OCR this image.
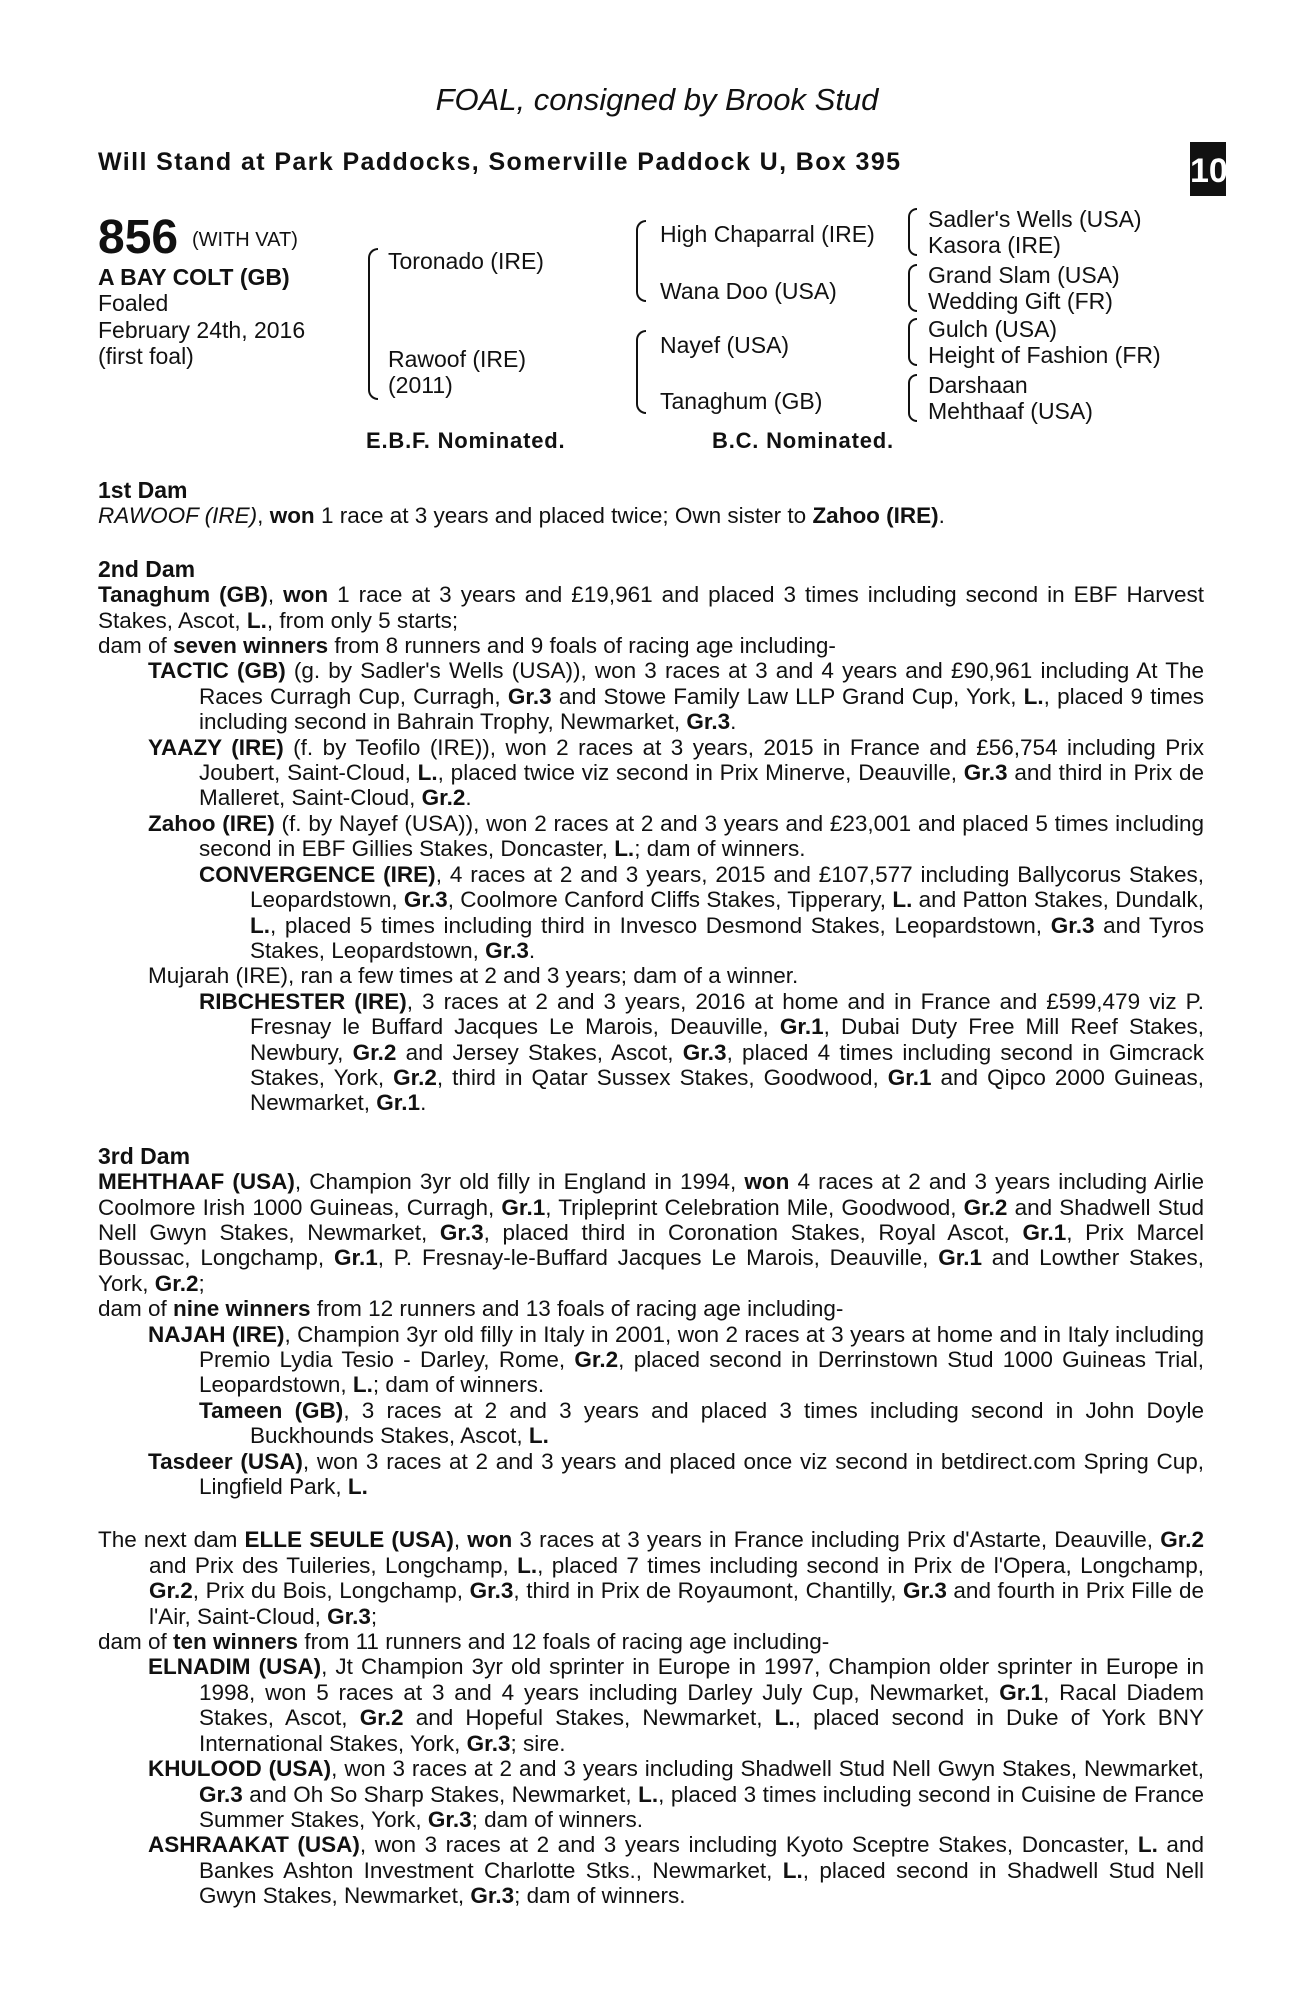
FOAL, consigned by Brook Stud
Will Stand at Park Paddocks, Somerville Paddock U, Box 395
+
10
856 (WITH VAT)
A BAY COLT (GB)
Foaled
February 24th, 2016
(first foal)
Toronado (IRE)
Rawoof (IRE)
(2011)
High Chaparral (IRE)
Wana Doo (USA)
Nayef (USA)
Tanaghum (GB)
Sadler's Wells (USA)
Kasora (IRE)
Grand Slam (USA)
Wedding Gift (FR)
Gulch (USA)
Height of Fashion (FR)
Darshaan
Mehthaaf (USA)
E.B.F. Nominated.	B.C. Nominated.
1st Dam

RAWOOF (IRE), won 1 race at 3 years and placed twice; Own sister to Zahoo (IRE).

2nd Dam

Tanaghum (GB), won 1 race at 3 years and £19,961 and placed 3 times including second in EBF Harvest Stakes, Ascot, L., from only 5 starts;

dam of seven winners from 8 runners and 9 foals of racing age including-

TACTIC (GB) (g. by Sadler's Wells (USA)), won 3 races at 3 and 4 years and £90,961 including At The Races Curragh Cup, Curragh, Gr.3 and Stowe Family Law LLP Grand Cup, York, L., placed 9 times including second in Bahrain Trophy, Newmarket, Gr.3.

YAAZY (IRE) (f. by Teofilo (IRE)), won 2 races at 3 years, 2015 in France and £56,754 including Prix Joubert, Saint-Cloud, L., placed twice viz second in Prix Minerve, Deauville, Gr.3 and third in Prix de Malleret, Saint-Cloud, Gr.2.

Zahoo (IRE) (f. by Nayef (USA)), won 2 races at 2 and 3 years and £23,001 and placed 5 times including second in EBF Gillies Stakes, Doncaster, L.; dam of winners.

CONVERGENCE (IRE), 4 races at 2 and 3 years, 2015 and £107,577 including Ballycorus Stakes, Leopardstown, Gr.3, Coolmore Canford Cliffs Stakes, Tipperary, L. and Patton Stakes, Dundalk, L., placed 5 times including third in Invesco Desmond Stakes, Leopardstown, Gr.3 and Tyros Stakes, Leopardstown, Gr.3.

Mujarah (IRE), ran a few times at 2 and 3 years; dam of a winner.

RIBCHESTER (IRE), 3 races at 2 and 3 years, 2016 at home and in France and £599,479 viz P. Fresnay le Buffard Jacques Le Marois, Deauville, Gr.1, Dubai Duty Free Mill Reef Stakes, Newbury, Gr.2 and Jersey Stakes, Ascot, Gr.3, placed 4 times including second in Gimcrack Stakes, York, Gr.2, third in Qatar Sussex Stakes, Goodwood, Gr.1 and Qipco 2000 Guineas, Newmarket, Gr.1.

3rd Dam

MEHTHAAF (USA), Champion 3yr old filly in England in 1994, won 4 races at 2 and 3 years including Airlie Coolmore Irish 1000 Guineas, Curragh, Gr.1, Tripleprint Celebration Mile, Goodwood, Gr.2 and Shadwell Stud Nell Gwyn Stakes, Newmarket, Gr.3, placed third in Coronation Stakes, Royal Ascot, Gr.1, Prix Marcel Boussac, Longchamp, Gr.1, P. Fresnay-le-Buffard Jacques Le Marois, Deauville, Gr.1 and Lowther Stakes, York, Gr.2;

dam of nine winners from 12 runners and 13 foals of racing age including-

NAJAH (IRE), Champion 3yr old filly in Italy in 2001, won 2 races at 3 years at home and in Italy including Premio Lydia Tesio - Darley, Rome, Gr.2, placed second in Derrinstown Stud 1000 Guineas Trial, Leopardstown, L.; dam of winners.

Tameen (GB), 3 races at 2 and 3 years and placed 3 times including second in John Doyle Buckhounds Stakes, Ascot, L.

Tasdeer (USA), won 3 races at 2 and 3 years and placed once viz second in betdirect.com Spring Cup, Lingfield Park, L.

The next dam ELLE SEULE (USA), won 3 races at 3 years in France including Prix d'Astarte, Deauville, Gr.2 and Prix des Tuileries, Longchamp, L., placed 7 times including second in Prix de l'Opera, Longchamp, Gr.2, Prix du Bois, Longchamp, Gr.3, third in Prix de Royaumont, Chantilly, Gr.3 and fourth in Prix Fille de l'Air, Saint-Cloud, Gr.3;

dam of ten winners from 11 runners and 12 foals of racing age including-

ELNADIM (USA), Jt Champion 3yr old sprinter in Europe in 1997, Champion older sprinter in Europe in 1998, won 5 races at 3 and 4 years including Darley July Cup, Newmarket, Gr.1, Racal Diadem Stakes, Ascot, Gr.2 and Hopeful Stakes, Newmarket, L., placed second in Duke of York BNY International Stakes, York, Gr.3; sire.

KHULOOD (USA), won 3 races at 2 and 3 years including Shadwell Stud Nell Gwyn Stakes, Newmarket, Gr.3 and Oh So Sharp Stakes, Newmarket, L., placed 3 times including second in Cuisine de France Summer Stakes, York, Gr.3; dam of winners.

ASHRAAKAT (USA), won 3 races at 2 and 3 years including Kyoto Sceptre Stakes, Doncaster, L. and Bankes Ashton Investment Charlotte Stks., Newmarket, L., placed second in Shadwell Stud Nell Gwyn Stakes, Newmarket, Gr.3; dam of winners.
